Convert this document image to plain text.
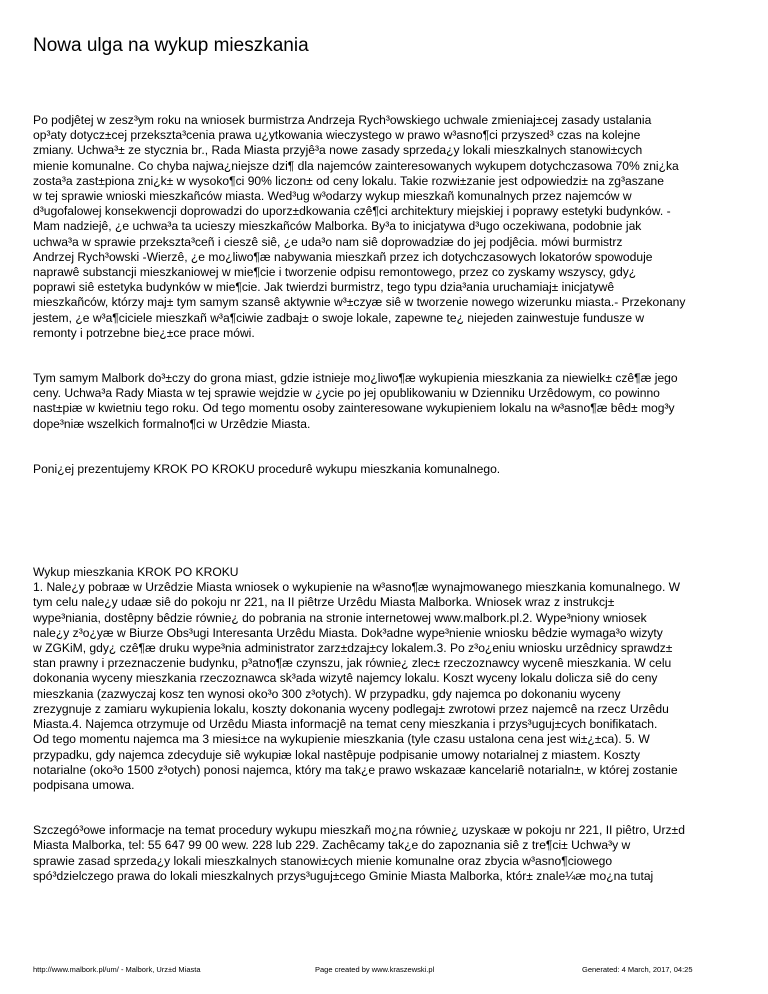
Nowa ulga na wykup mieszkania

Po podjêtej w zesz³ym roku na wniosek burmistrza Andrzeja Rych³owskiego uchwale zmieniaj±cej zasady ustalania
op³aty dotycz±cej przekszta³cenia prawa u¿ytkowania wieczystego w prawo w³asno¶ci przyszed³ czas na kolejne
zmiany. Uchwa³± ze stycznia br., Rada Miasta przyjê³a nowe zasady sprzeda¿y lokali mieszkalnych stanowi±cych
mienie komunalne. Co chyba najwa¿niejsze dzi¶ dla najemców zainteresowanych wykupem dotychczasowa 70% zni¿ka
zosta³a zast±piona zni¿k± w wysoko¶ci 90% liczon± od ceny lokalu. Takie rozwi±zanie jest odpowiedzi± na zg³aszane
w tej sprawie wnioski mieszkañców miasta. Wed³ug w³odarzy wykup mieszkañ komunalnych przez najemców w
d³ugofalowej konsekwencji doprowadzi do uporz±dkowania czê¶ci architektury miejskiej i poprawy estetyki budynków. -
Mam nadziejê, ¿e uchwa³a ta ucieszy mieszkañców Malborka. By³a to inicjatywa d³ugo oczekiwana, podobnie jak
uchwa³a w sprawie przekszta³ceñ i cieszê siê, ¿e uda³o nam siê doprowadziæ do jej podjêcia. mówi burmistrz
Andrzej Rych³owski -Wierzê, ¿e mo¿liwo¶æ nabywania mieszkañ przez ich dotychczasowych lokatorów spowoduje
naprawê substancji mieszkaniowej w mie¶cie i tworzenie odpisu remontowego, przez co zyskamy wszyscy, gdy¿
poprawi siê estetyka budynków w mie¶cie. Jak twierdzi burmistrz, tego typu dzia³ania uruchamiaj± inicjatywê
mieszkañców, którzy maj± tym samym szansê aktywnie w³±czyæ siê w tworzenie nowego wizerunku miasta.- Przekonany
jestem, ¿e w³a¶ciciele mieszkañ w³a¶ciwie zadbaj± o swoje lokale, zapewne te¿ niejeden zainwestuje fundusze w
remonty i potrzebne bie¿±ce prace mówi.

Tym samym Malbork do³±czy do grona miast, gdzie istnieje mo¿liwo¶æ wykupienia mieszkania za niewielk± czê¶æ jego
ceny. Uchwa³a Rady Miasta w tej sprawie wejdzie w ¿ycie po jej opublikowaniu w Dzienniku Urzêdowym, co powinno
nast±piæ w kwietniu tego roku. Od tego momentu osoby zainteresowane wykupieniem lokalu na w³asno¶æ bêd± mog³y
dope³niæ wszelkich formalno¶ci w Urzêdzie Miasta.

Poni¿ej prezentujemy KROK PO KROKU procedurê wykupu mieszkania komunalnego.

Wykup mieszkania KROK PO KROKU
1. Nale¿y pobraæ w Urzêdzie Miasta wniosek o wykupienie na w³asno¶æ wynajmowanego mieszkania komunalnego. W
tym celu nale¿y udaæ siê do pokoju nr 221, na II piêtrze Urzêdu Miasta Malborka. Wniosek wraz z instrukcj±
wype³niania, dostêpny bêdzie równie¿ do pobrania na stronie internetowej www.malbork.pl.2. Wype³niony wniosek
nale¿y z³o¿yæ w Biurze Obs³ugi Interesanta Urzêdu Miasta. Dok³adne wype³nienie wniosku bêdzie wymaga³o wizyty
w ZGKiM, gdy¿ czê¶æ druku wype³nia administrator zarz±dzaj±cy lokalem.3. Po z³o¿eniu wniosku urzêdnicy sprawdz±
stan prawny i przeznaczenie budynku, p³atno¶æ czynszu, jak równie¿ zlec± rzeczoznawcy wycenê mieszkania. W celu
dokonania wyceny mieszkania rzeczoznawca sk³ada wizytê najemcy lokalu. Koszt wyceny lokalu dolicza siê do ceny
mieszkania (zazwyczaj kosz ten wynosi oko³o 300 z³otych). W przypadku, gdy najemca po dokonaniu wyceny
zrezygnuje z zamiaru wykupienia lokalu, koszty dokonania wyceny podlegaj± zwrotowi przez najemcê na rzecz Urzêdu
Miasta.4. Najemca otrzymuje od Urzêdu Miasta informacjê na temat ceny mieszkania i przys³uguj±cych bonifikatach.
Od tego momentu najemca ma 3 miesi±ce na wykupienie mieszkania (tyle czasu ustalona cena jest wi±¿±ca). 5. W
przypadku, gdy najemca zdecyduje siê wykupiæ lokal nastêpuje podpisanie umowy notarialnej z miastem. Koszty
notarialne (oko³o 1500 z³otych) ponosi najemca, który ma tak¿e prawo wskazaæ kancelariê notarialn±, w której zostanie
podpisana umowa.

Szczegó³owe informacje na temat procedury wykupu mieszkañ mo¿na równie¿ uzyskaæ w pokoju nr 221, II piêtro, Urz±d
Miasta Malborka, tel: 55 647 99 00 wew. 228 lub 229. Zachêcamy tak¿e do zapoznania siê z tre¶ci± Uchwa³y w
sprawie zasad sprzeda¿y lokali mieszkalnych stanowi±cych mienie komunalne oraz zbycia w³asno¶ciowego
spó³dzielczego prawa do lokali mieszkalnych przys³uguj±cego Gminie Miasta Malborka, któr± znale¼æ mo¿na tutaj

http://www.malbork.pl/um/ - Malbork, Urz±d Miasta	Page created by www.kraszewski.pl	Generated: 4 March, 2017, 04:25
